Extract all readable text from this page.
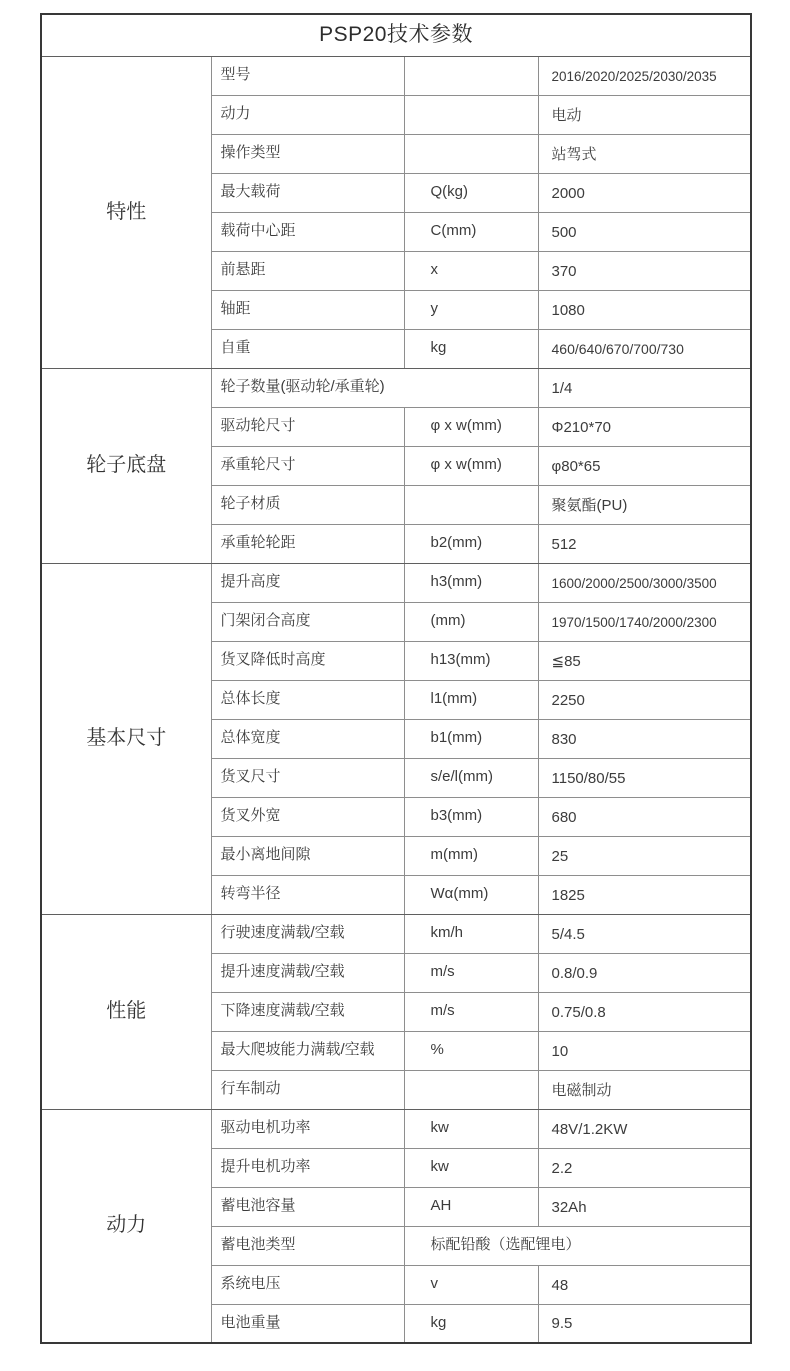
PSP20技术参数			
特性	型号		2016/2020/2025/2030/2035
	动力		电动
	操作类型		站驾式
	最大载荷	Q(kg)	2000
	载荷中心距	C(mm)	500
	前悬距	x	370
	轴距	y	1080
	自重	kg	460/640/670/700/730
轮子底盘	轮子数量(驱动轮/承重轮)		1/4
	驱动轮尺寸	φ x w(mm)	Φ210*70
	承重轮尺寸	φ x w(mm)	φ80*65
	轮子材质		聚氨酯(PU)
	承重轮轮距	b2(mm)	512
基本尺寸	提升高度	h3(mm)	1600/2000/2500/3000/3500
	门架闭合高度	(mm)	1970/1500/1740/2000/2300
	货叉降低时高度	h13(mm)	≦85
	总体长度	l1(mm)	2250
	总体宽度	b1(mm)	830
	货叉尺寸	s/e/l(mm)	1150/80/55
	货叉外宽	b3(mm)	680
	最小离地间隙	m(mm)	25
	转弯半径	Wα(mm)	1825
性能	行驶速度满载/空载	km/h	5/4.5
	提升速度满载/空载	m/s	0.8/0.9
	下降速度满载/空载	m/s	0.75/0.8
	最大爬坡能力满载/空载	%	10
	行车制动		电磁制动
动力	驱动电机功率	kw	48V/1.2KW
	提升电机功率	kw	2.2
	蓄电池容量	AH	32Ah
	蓄电池类型	标配铅酸（选配锂电）	
	系统电压	v	48
	电池重量	kg	9.5
